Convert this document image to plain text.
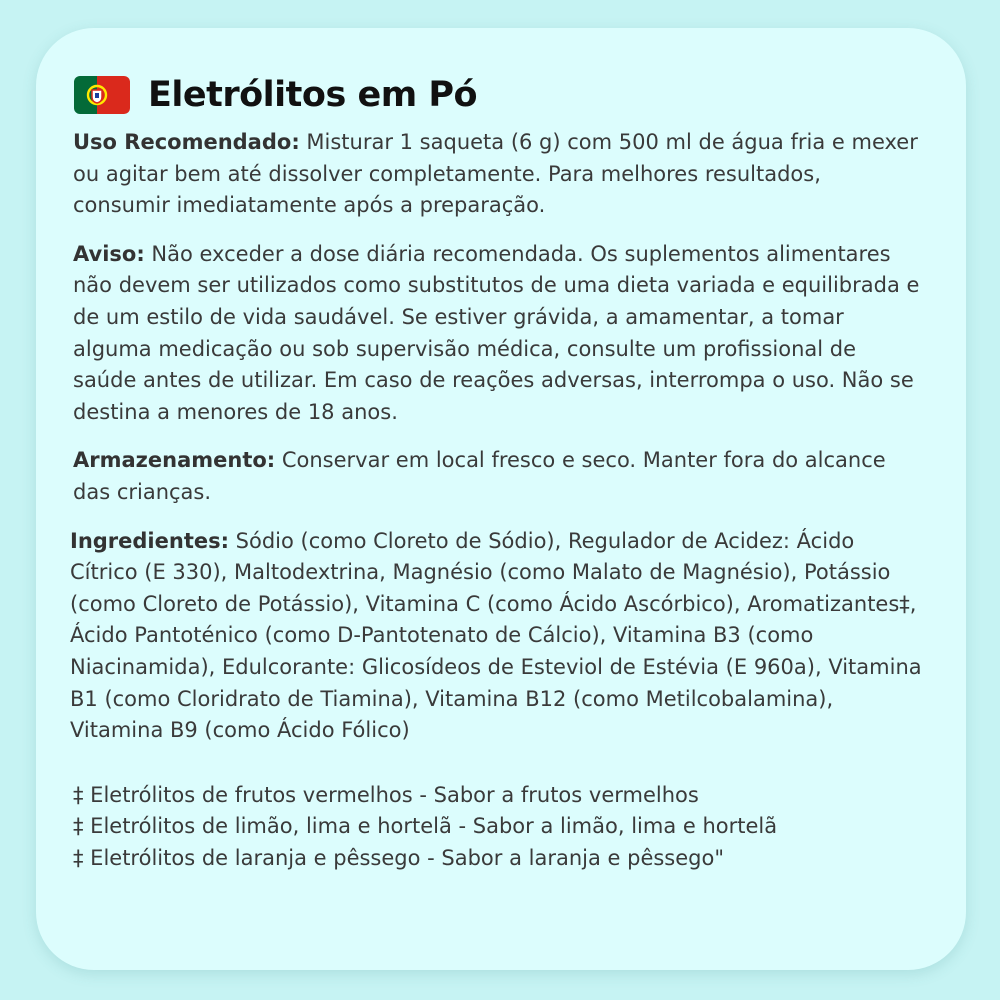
Eletrólitos em Pó

Uso Recomendado: Misturar 1 saqueta (6 g) com 500 ml de água fria e mexer ou agitar bem até dissolver completamente. Para melhores resultados, consumir imediatamente após a preparação.

Aviso: Não exceder a dose diária recomendada. Os suplementos alimentares não devem ser utilizados como substitutos de uma dieta variada e equilibrada e de um estilo de vida saudável. Se estiver grávida, a amamentar, a tomar alguma medicação ou sob supervisão médica, consulte um profissional de saúde antes de utilizar. Em caso de reações adversas, interrompa o uso. Não se destina a menores de 18 anos.

Armazenamento: Conservar em local fresco e seco. Manter fora do alcance das crianças.

Ingredientes: Sódio (como Cloreto de Sódio), Regulador de Acidez: Ácido Cítrico (E 330), Maltodextrina, Magnésio (como Malato de Magnésio), Potássio (como Cloreto de Potássio), Vitamina C (como Ácido Ascórbico), Aromatizantes‡, Ácido Pantoténico (como D-Pantotenato de Cálcio), Vitamina B3 (como Niacinamida), Edulcorante: Glicosídeos de Esteviol de Estévia (E 960a), Vitamina B1 (como Cloridrato de Tiamina), Vitamina B12 (como Metilcobalamina), Vitamina B9 (como Ácido Fólico)

‡ Eletrólitos de frutos vermelhos - Sabor a frutos vermelhos
‡ Eletrólitos de limão, lima e hortelã - Sabor a limão, lima e hortelã
‡ Eletrólitos de laranja e pêssego - Sabor a laranja e pêssego"
